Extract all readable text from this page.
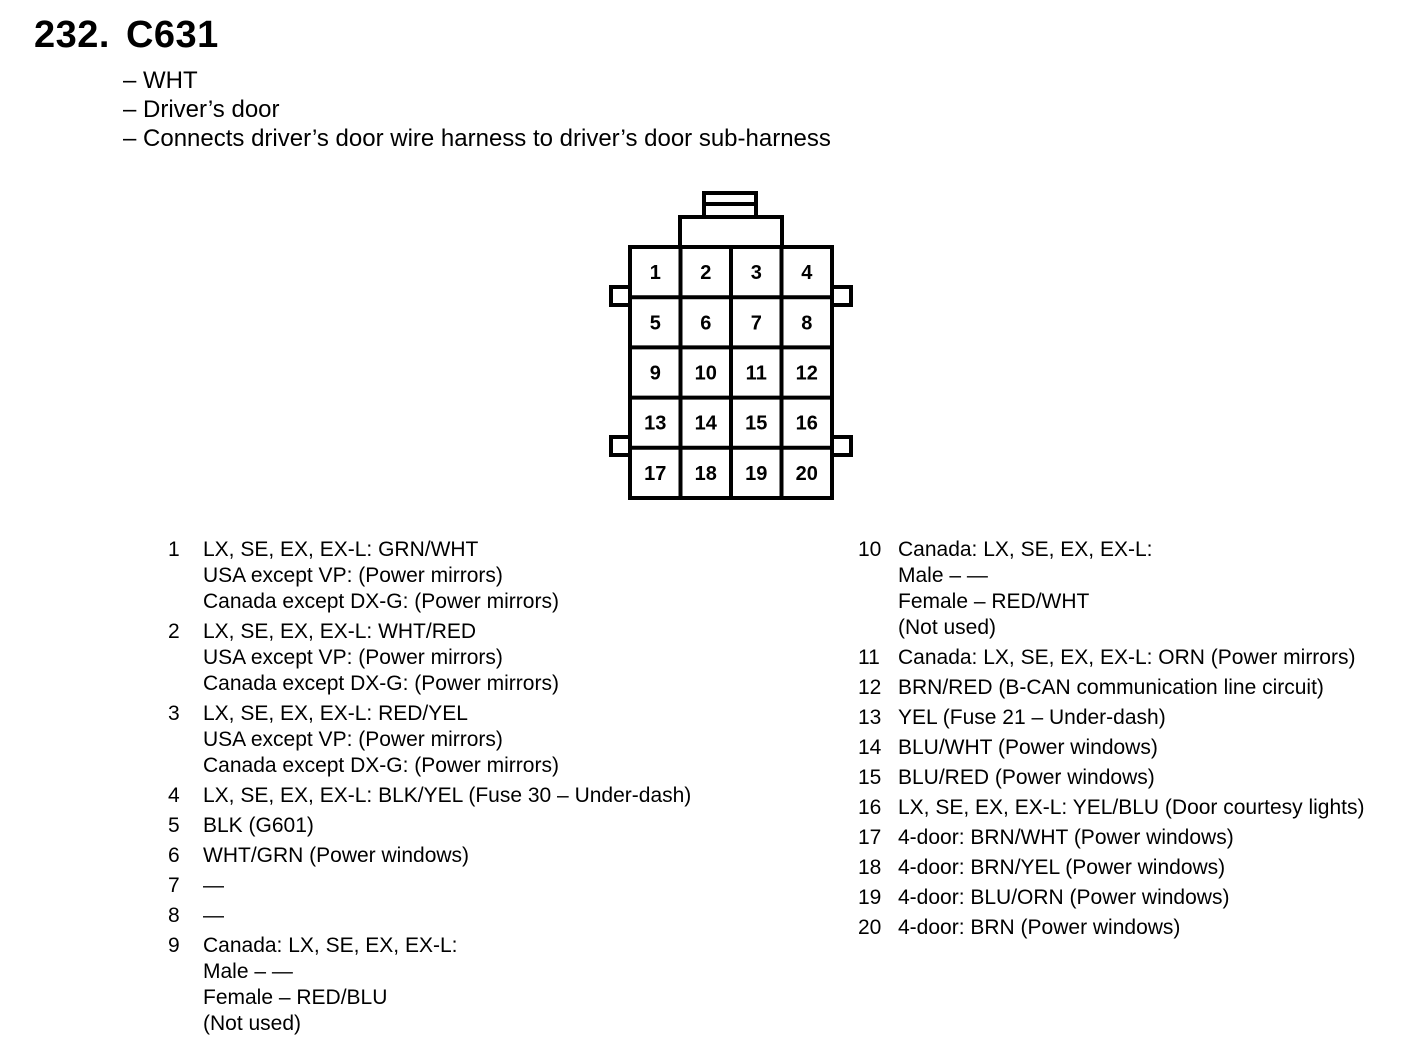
232. C631
– WHT
– Driver’s door
– Connects driver’s door wire harness to driver’s door sub-harness
1 2 3 4
5 6 7 8
9 10 11 12
13 14 15 16
17 18 19 20
1	LX, SE, EX, EX-L: GRN/WHT
USA except VP: (Power mirrors)
Canada except DX-G: (Power mirrors)
2	LX, SE, EX, EX-L: WHT/RED
USA except VP: (Power mirrors)
Canada except DX-G: (Power mirrors)
3	LX, SE, EX, EX-L: RED/YEL
USA except VP: (Power mirrors)
Canada except DX-G: (Power mirrors)
4	LX, SE, EX, EX-L: BLK/YEL (Fuse 30 – Under-dash)
5	BLK (G601)
6	WHT/GRN (Power windows)
7	—
8	—
9	Canada: LX, SE, EX, EX-L:
Male – —
Female – RED/BLU
(Not used)
10 Canada: LX, SE, EX, EX-L:
Male – —
Female – RED/WHT
(Not used)
11 Canada: LX, SE, EX, EX-L: ORN (Power mirrors)
12 BRN/RED (B-CAN communication line circuit)
13 YEL (Fuse 21 – Under-dash)
14 BLU/WHT (Power windows)
15 BLU/RED (Power windows)
16 LX, SE, EX, EX-L: YEL/BLU (Door courtesy lights)
17 4-door: BRN/WHT (Power windows)
18 4-door: BRN/YEL (Power windows)
19 4-door: BLU/ORN (Power windows)
20 4-door: BRN (Power windows)
